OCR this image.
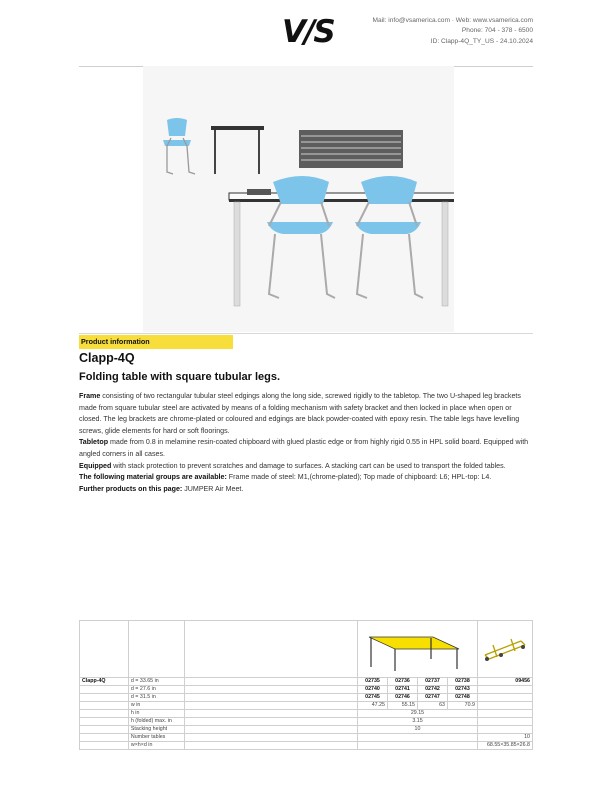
V/S	Mail: info@vsamerica.com · Web: www.vsamerica.com
Phone: 704 - 378 - 6500
ID: Clapp-4Q_TY_US - 24.10.2024
Product information
Clapp-4Q
Folding table with square tubular legs.

Frame consisting of two rectangular tubular steel edgings along the long side, screwed rigidly to the tabletop. The two U-shaped leg brackets made from square tubular steel are activated by means of a folding mechanism with safety bracket and then locked in place when open or closed. The leg brackets are chrome-plated or coloured and edgings are black powder-coated with epoxy resin. The table legs have levelling screws, glide elements for hard or soft floorings.

Tabletop made from 0.8 in melamine resin-coated chipboard with glued plastic edge or from highly rigid 0.55 in HPL solid board. Equipped with angled corners in all cases.

Equipped with stack protection to prevent scratches and damage to surfaces. A stacking cart can be used to transport the folded tables.

The following material groups are available: Frame made of steel: M1,(chrome-plated); Top made of chipboard: L6; HPL-top: L4.

Further products on this page: JUMPER Air Meet.

Clapp-4Q	d = 33.65 in		02735	02736	02737	02738	09456
	d = 27.6 in		02740	02741	02742	02743	
	d = 31.5 in		02745	02746	02747	02748	
	w in		47.25	55.15	63	70.9	
	h in		29.15				
	h (folded) max. in		3.15				
	Stacking height		10				
	Number tables						10
	w×h×d in						68.55×35.85×26.8
